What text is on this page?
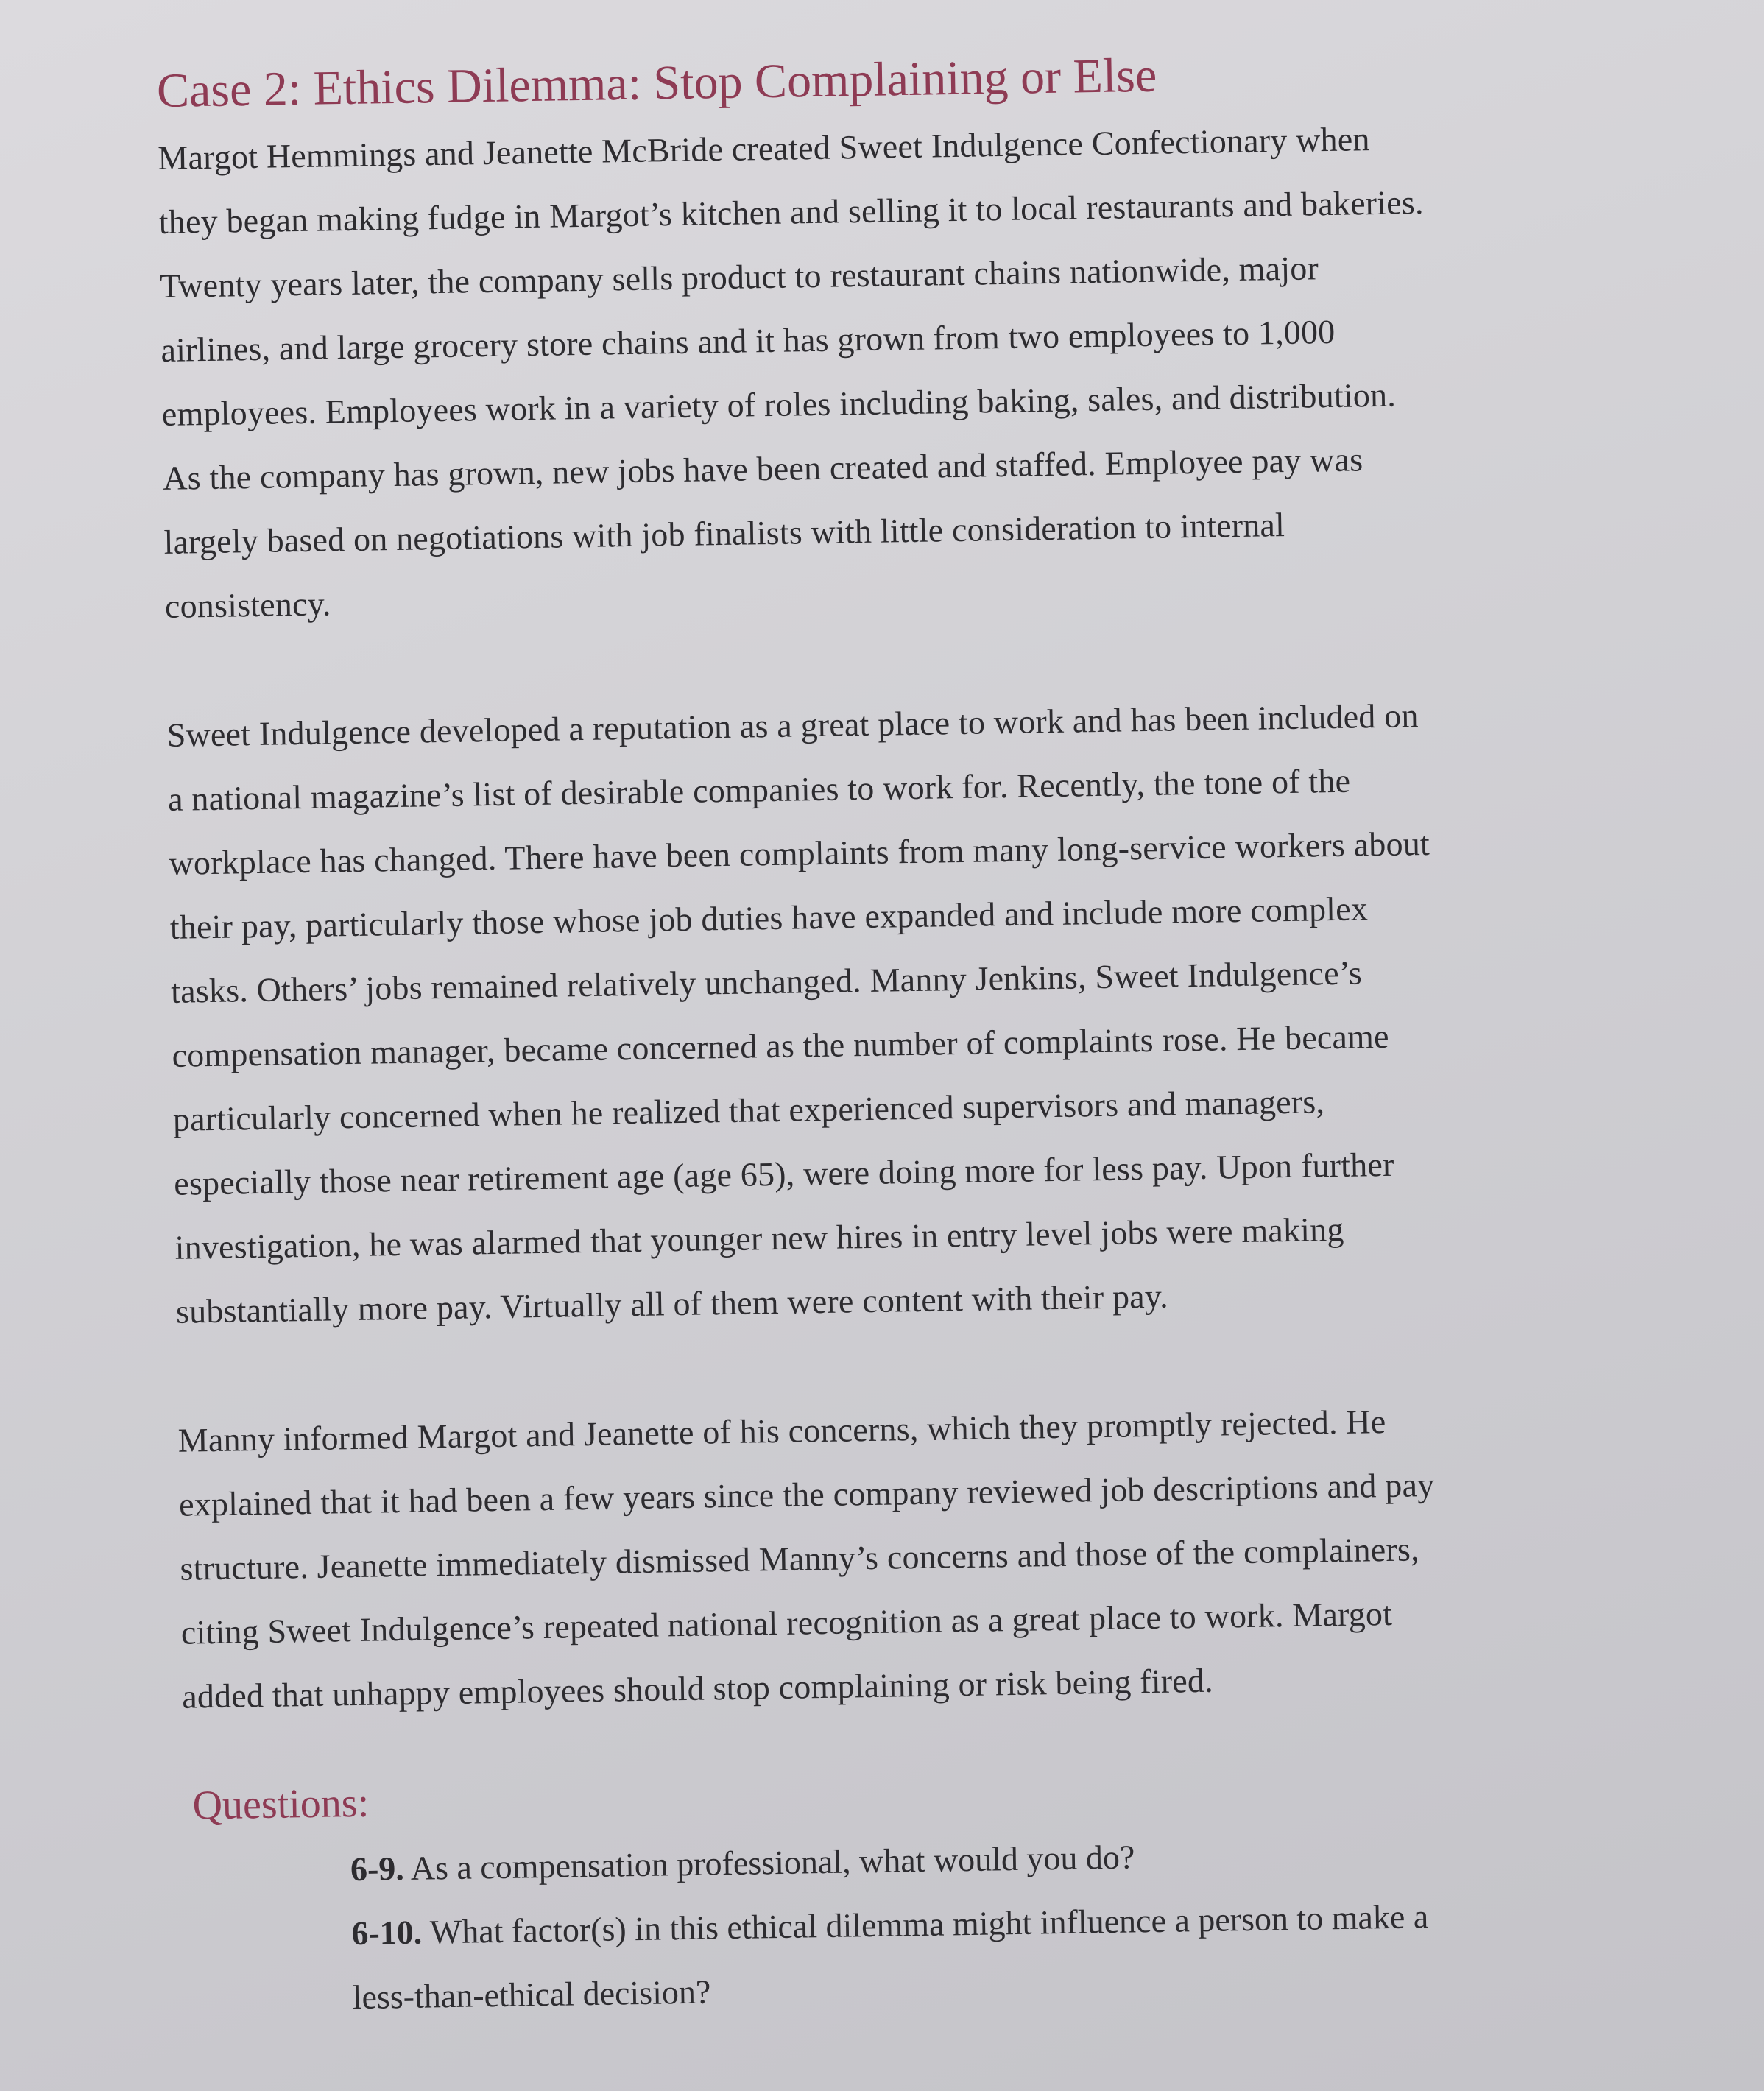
Case 2: Ethics Dilemma: Stop Complaining or Else

Margot Hemmings and Jeanette McBride created Sweet Indulgence Confectionary when
they began making fudge in Margot’s kitchen and selling it to local restaurants and bakeries.
Twenty years later, the company sells product to restaurant chains nationwide, major
airlines, and large grocery store chains and it has grown from two employees to 1,000
employees. Employees work in a variety of roles including baking, sales, and distribution.
As the company has grown, new jobs have been created and staffed. Employee pay was
largely based on negotiations with job finalists with little consideration to internal
consistency.

Sweet Indulgence developed a reputation as a great place to work and has been included on
a national magazine’s list of desirable companies to work for. Recently, the tone of the
workplace has changed. There have been complaints from many long-service workers about
their pay, particularly those whose job duties have expanded and include more complex
tasks. Others’ jobs remained relatively unchanged. Manny Jenkins, Sweet Indulgence’s
compensation manager, became concerned as the number of complaints rose. He became
particularly concerned when he realized that experienced supervisors and managers,
especially those near retirement age (age 65), were doing more for less pay. Upon further
investigation, he was alarmed that younger new hires in entry level jobs were making
substantially more pay. Virtually all of them were content with their pay.

Manny informed Margot and Jeanette of his concerns, which they promptly rejected. He
explained that it had been a few years since the company reviewed job descriptions and pay
structure. Jeanette immediately dismissed Manny’s concerns and those of the complainers,
citing Sweet Indulgence’s repeated national recognition as a great place to work. Margot
added that unhappy employees should stop complaining or risk being fired.

Questions:
6-9. As a compensation professional, what would you do?
6-10. What factor(s) in this ethical dilemma might influence a person to make a
less-than-ethical decision?
